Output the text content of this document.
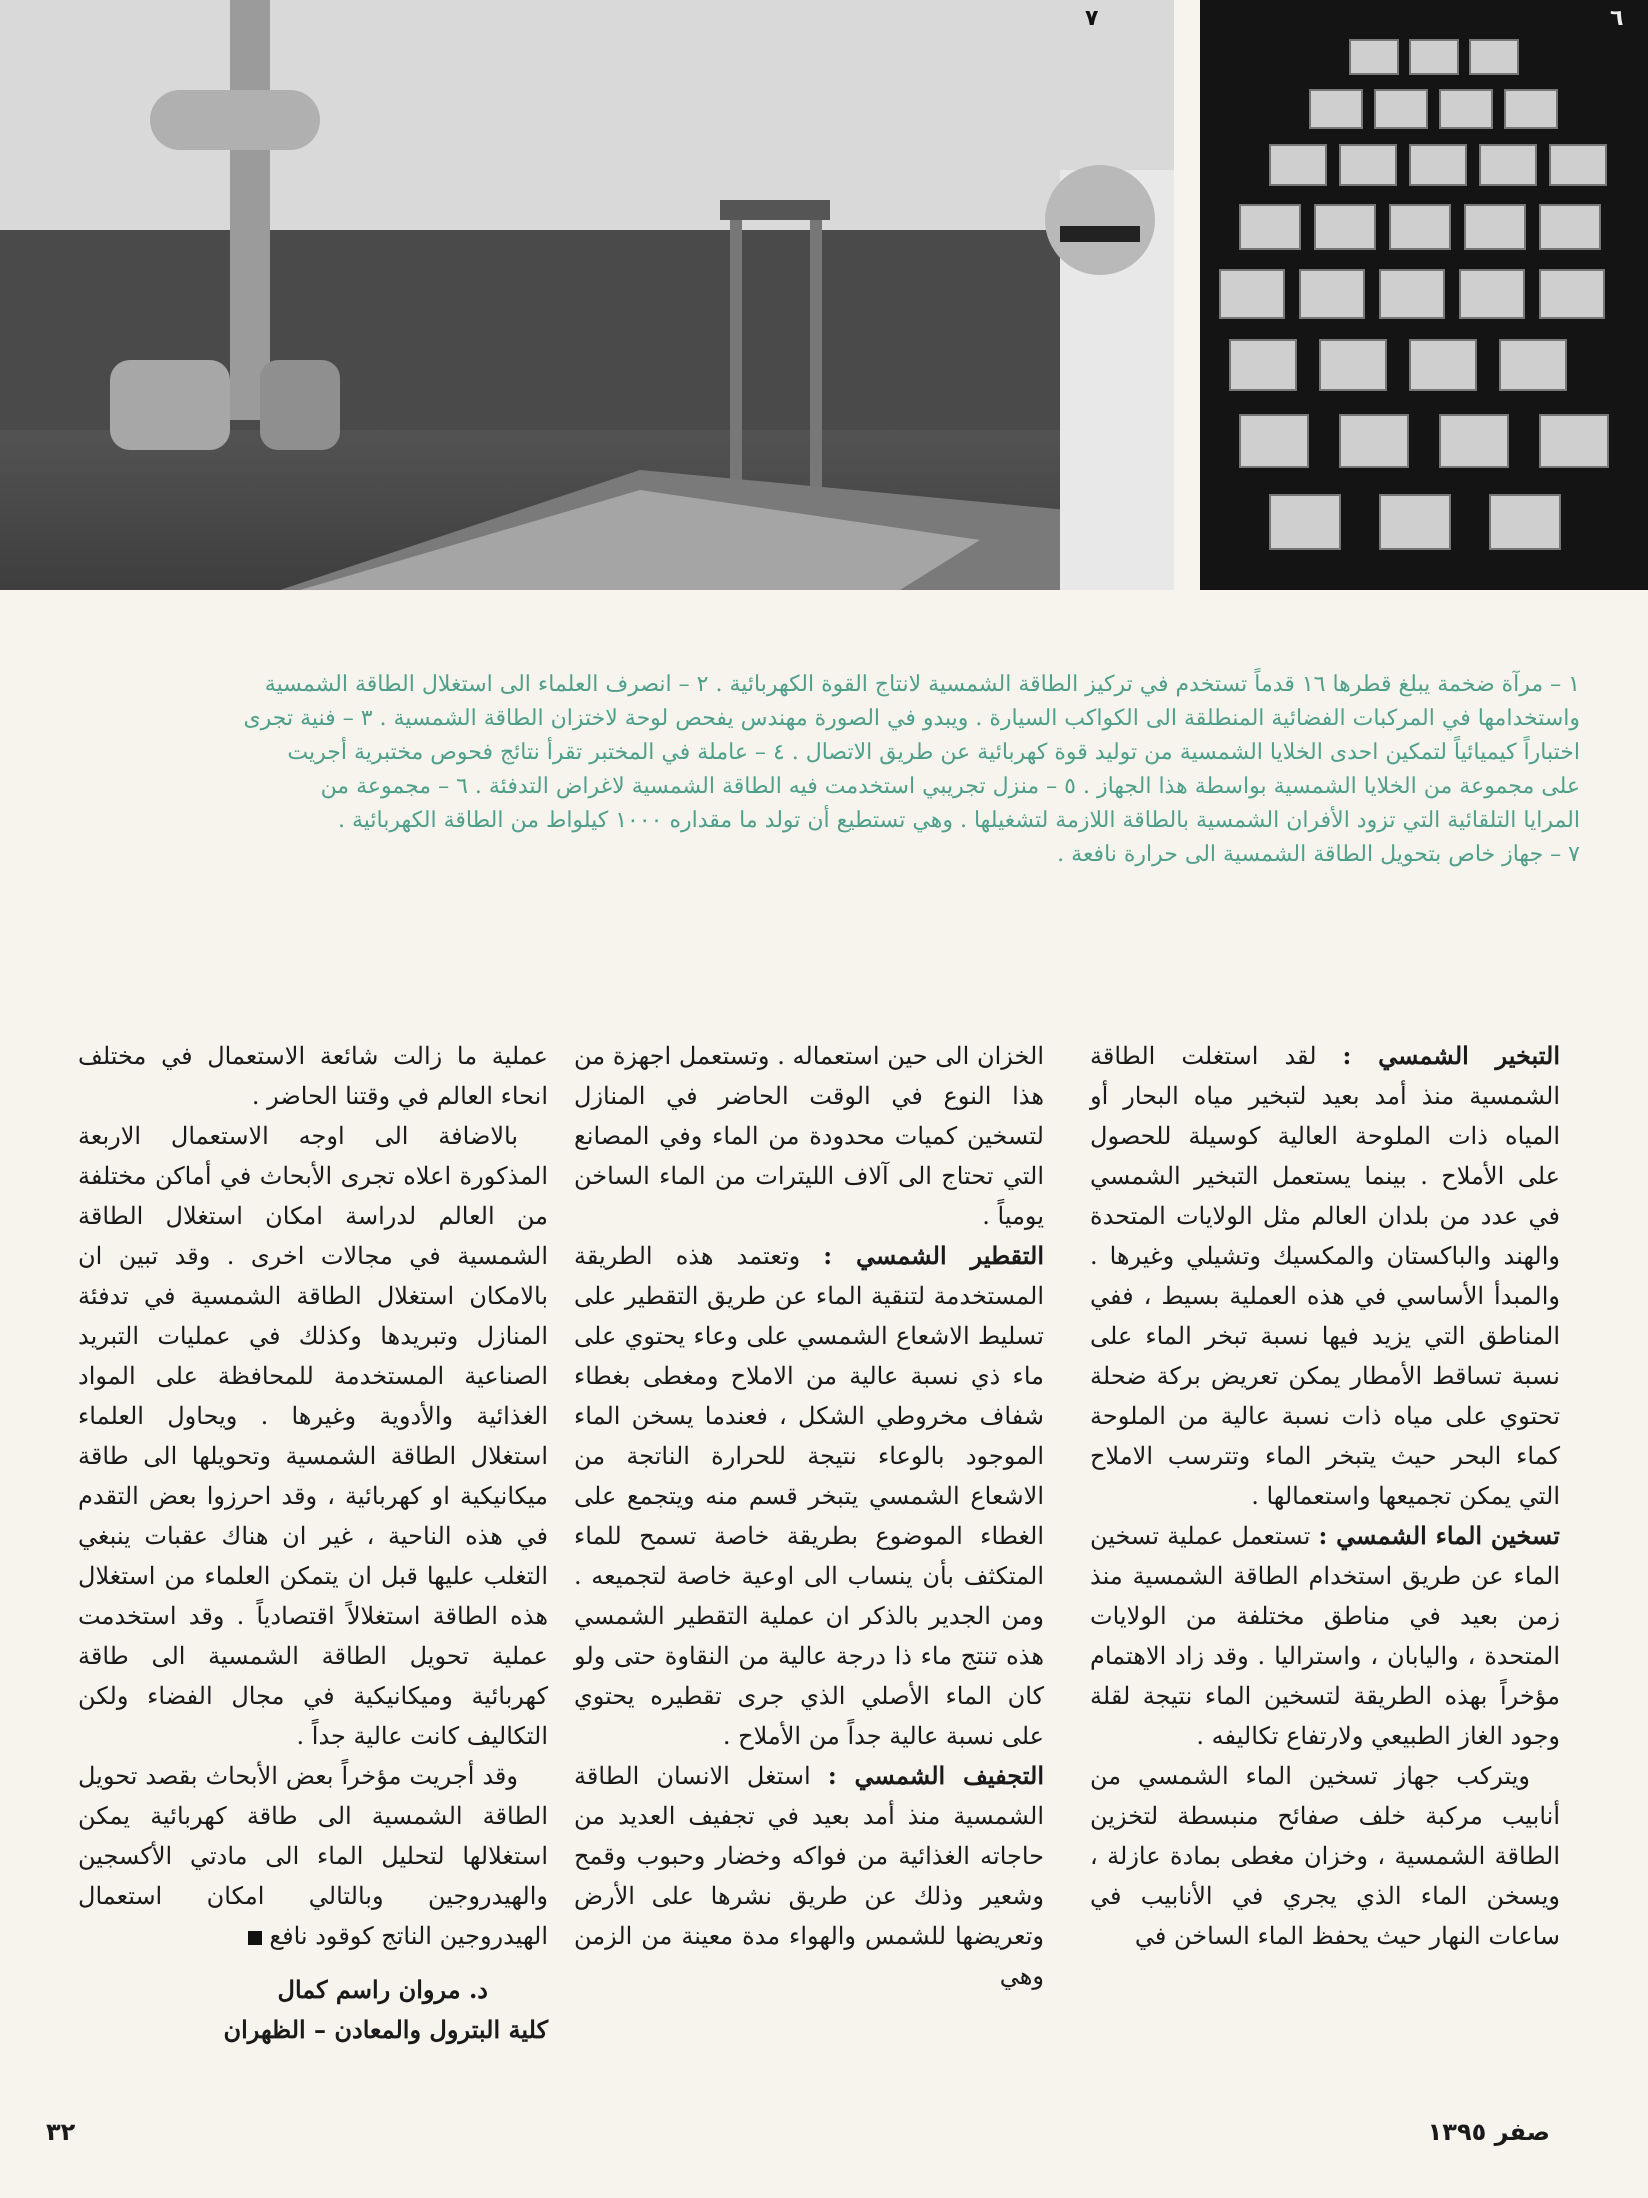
٧	٦
١ – مرآة ضخمة يبلغ قطرها ١٦ قدماً تستخدم في تركيز الطاقة الشمسية لانتاج القوة الكهربائية . ٢ – انصرف العلماء الى استغلال الطاقة الشمسية
واستخدامها في المركبات الفضائية المنطلقة الى الكواكب السيارة . ويبدو في الصورة مهندس يفحص لوحة لاختزان الطاقة الشمسية . ٣ – فنية تجرى
اختباراً كيميائياً لتمكين احدى الخلايا الشمسية من توليد قوة كهربائية عن طريق الاتصال . ٤ – عاملة في المختبر تقرأ نتائج فحوص مختبرية أجريت
على مجموعة من الخلايا الشمسية بواسطة هذا الجهاز . ٥ – منزل تجريبي استخدمت فيه الطاقة الشمسية لاغراض التدفئة . ٦ – مجموعة من
المرايا التلقائية التي تزود الأفران الشمسية بالطاقة اللازمة لتشغيلها . وهي تستطيع أن تولد ما مقداره ١٠٠٠ كيلواط من الطاقة الكهربائية .
٧ – جهاز خاص بتحويل الطاقة الشمسية الى حرارة نافعة .

التبخير الشمسي : لقد استغلت الطاقة الشمسية منذ أمد بعيد لتبخير مياه البحار أو المياه ذات الملوحة العالية كوسيلة للحصول على الأملاح . بينما يستعمل التبخير الشمسي في عدد من بلدان العالم مثل الولايات المتحدة والهند والباكستان والمكسيك وتشيلي وغيرها . والمبدأ الأساسي في هذه العملية بسيط ، ففي المناطق التي يزيد فيها نسبة تبخر الماء على نسبة تساقط الأمطار يمكن تعريض بركة ضحلة تحتوي على مياه ذات نسبة عالية من الملوحة كماء البحر حيث يتبخر الماء وتترسب الاملاح التي يمكن تجميعها واستعمالها .

تسخين الماء الشمسي : تستعمل عملية تسخين الماء عن طريق استخدام الطاقة الشمسية منذ زمن بعيد في مناطق مختلفة من الولايات المتحدة ، واليابان ، واستراليا . وقد زاد الاهتمام مؤخراً بهذه الطريقة لتسخين الماء نتيجة لقلة وجود الغاز الطبيعي ولارتفاع تكاليفه .

ويتركب جهاز تسخين الماء الشمسي من أنابيب مركبة خلف صفائح منبسطة لتخزين الطاقة الشمسية ، وخزان مغطى بمادة عازلة ، ويسخن الماء الذي يجري في الأنابيب في ساعات النهار حيث يحفظ الماء الساخن في

الخزان الى حين استعماله . وتستعمل اجهزة من هذا النوع في الوقت الحاضر في المنازل لتسخين كميات محدودة من الماء وفي المصانع التي تحتاج الى آلاف الليترات من الماء الساخن يومياً .

التقطير الشمسي : وتعتمد هذه الطريقة المستخدمة لتنقية الماء عن طريق التقطير على تسليط الاشعاع الشمسي على وعاء يحتوي على ماء ذي نسبة عالية من الاملاح ومغطى بغطاء شفاف مخروطي الشكل ، فعندما يسخن الماء الموجود بالوعاء نتيجة للحرارة الناتجة من الاشعاع الشمسي يتبخر قسم منه ويتجمع على الغطاء الموضوع بطريقة خاصة تسمح للماء المتكثف بأن ينساب الى اوعية خاصة لتجميعه . ومن الجدير بالذكر ان عملية التقطير الشمسي هذه تنتج ماء ذا درجة عالية من النقاوة حتى ولو كان الماء الأصلي الذي جرى تقطيره يحتوي على نسبة عالية جداً من الأملاح .

التجفيف الشمسي : استغل الانسان الطاقة الشمسية منذ أمد بعيد في تجفيف العديد من حاجاته الغذائية من فواكه وخضار وحبوب وقمح وشعير وذلك عن طريق نشرها على الأرض وتعريضها للشمس والهواء مدة معينة من الزمن وهي

عملية ما زالت شائعة الاستعمال في مختلف انحاء العالم في وقتنا الحاضر .

بالاضافة الى اوجه الاستعمال الاربعة المذكورة اعلاه تجرى الأبحاث في أماكن مختلفة من العالم لدراسة امكان استغلال الطاقة الشمسية في مجالات اخرى . وقد تبين ان بالامكان استغلال الطاقة الشمسية في تدفئة المنازل وتبريدها وكذلك في عمليات التبريد الصناعية المستخدمة للمحافظة على المواد الغذائية والأدوية وغيرها . ويحاول العلماء استغلال الطاقة الشمسية وتحويلها الى طاقة ميكانيكية او كهربائية ، وقد احرزوا بعض التقدم في هذه الناحية ، غير ان هناك عقبات ينبغي التغلب عليها قبل ان يتمكن العلماء من استغلال هذه الطاقة استغلالاً اقتصادياً . وقد استخدمت عملية تحويل الطاقة الشمسية الى طاقة كهربائية وميكانيكية في مجال الفضاء ولكن التكاليف كانت عالية جداً .

وقد أجريت مؤخراً بعض الأبحاث بقصد تحويل الطاقة الشمسية الى طاقة كهربائية يمكن استغلالها لتحليل الماء الى مادتي الأكسجين والهيدروجين وبالتالي امكان استعمال الهيدروجين الناتج كوقود نافع

د. مروان راسم كمال
كلية البترول والمعادن – الظهران
٣٢	صفر ١٣٩٥
